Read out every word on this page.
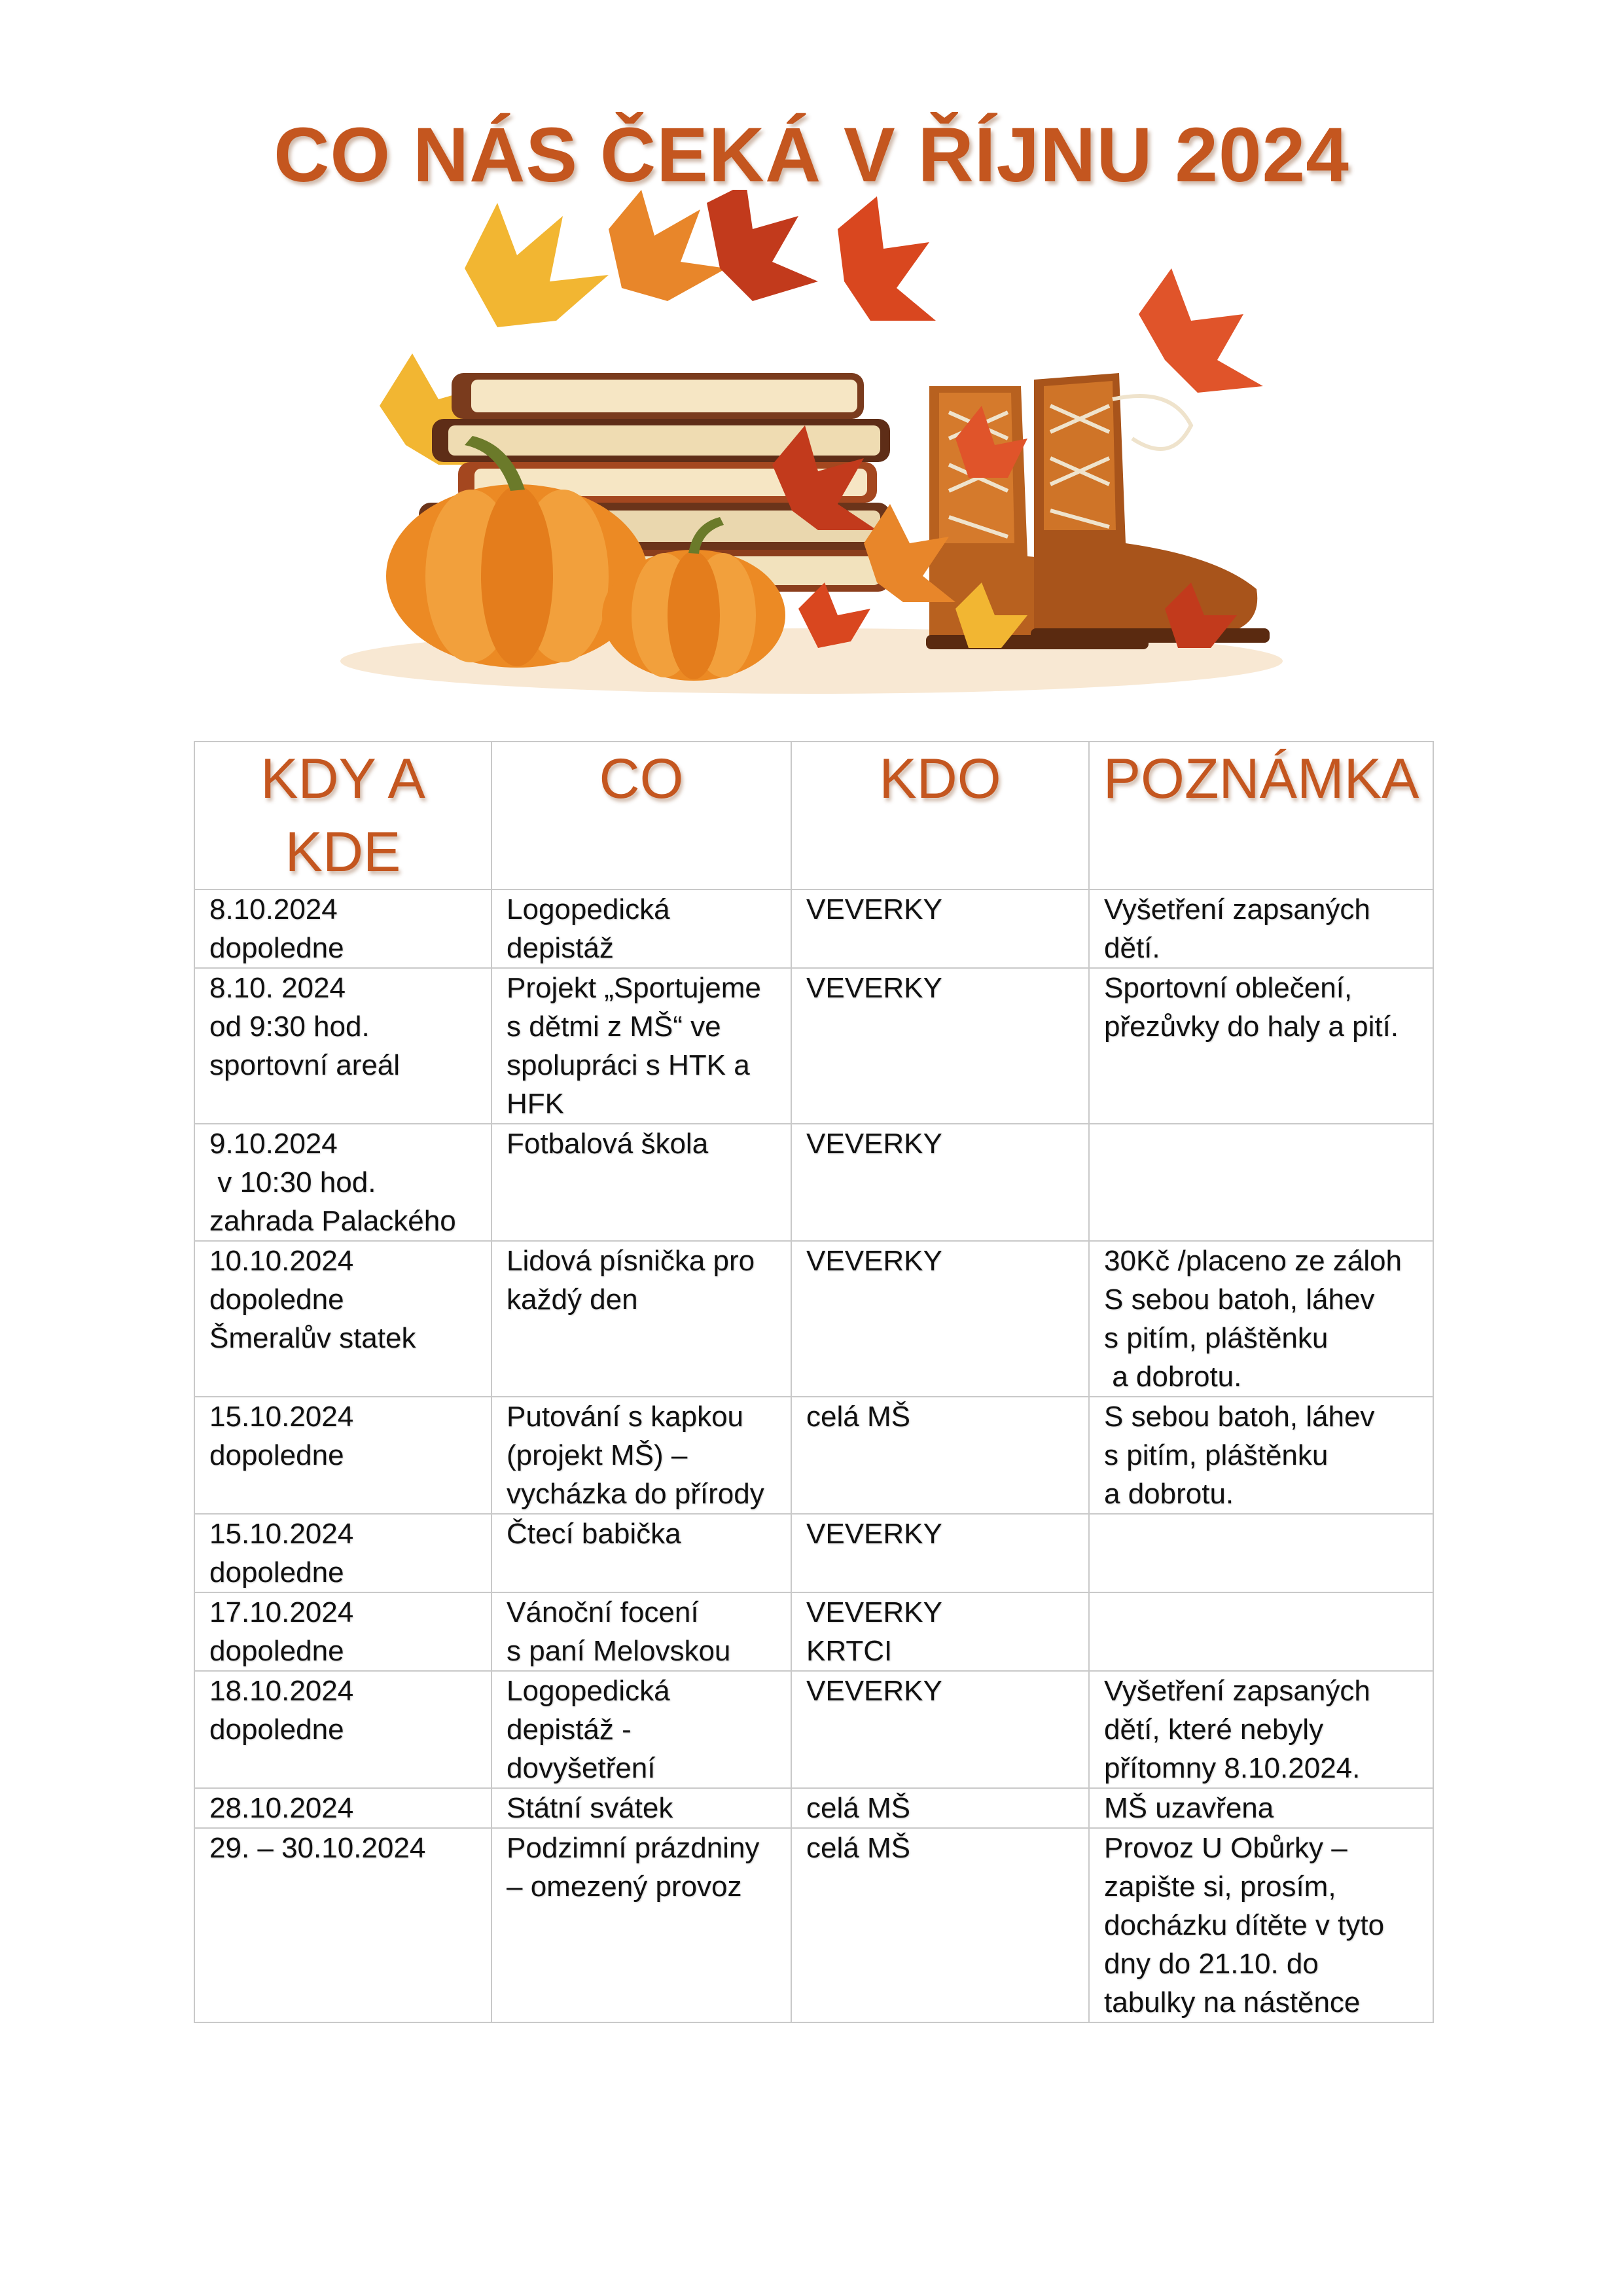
CO NÁS ČEKÁ V ŘÍJNU 2024
KDY A KDE	CO	KDO	POZNÁMKA

8.10.2024
dopoledne	Logopedická
depistáž	VEVERKY	Vyšetření zapsaných
dětí.

8.10. 2024
od 9:30 hod.
sportovní areál	Projekt „Sportujeme
s dětmi z MŠ“ ve
spolupráci s HTK a
HFK	VEVERKY	Sportovní oblečení,
přezůvky do haly a pití.

9.10.2024
v 10:30 hod.
zahrada Palackého	Fotbalová škola	VEVERKY	

10.10.2024
dopoledne
Šmeralův statek	Lidová písnička pro
každý den	VEVERKY	30Kč /placeno ze záloh
S sebou batoh, láhev
s pitím, pláštěnku
a dobrotu.

15.10.2024
dopoledne	Putování s kapkou
(projekt MŠ) –
vycházka do přírody	celá MŠ	S sebou batoh, láhev
s pitím, pláštěnku
a dobrotu.

15.10.2024
dopoledne	Čtecí babička	VEVERKY	

17.10.2024
dopoledne	Vánoční focení
s paní Melovskou	VEVERKY
KRTCI	

18.10.2024
dopoledne	Logopedická
depistáž -
dovyšetření	VEVERKY	Vyšetření zapsaných
dětí, které nebyly
přítomny 8.10.2024.

28.10.2024	Státní svátek	celá MŠ	MŠ uzavřena

29. – 30.10.2024	Podzimní prázdniny
– omezený provoz	celá MŠ	Provoz U Obůrky –
zapište si, prosím,
docházku dítěte v tyto
dny do 21.10. do
tabulky na nástěnce
